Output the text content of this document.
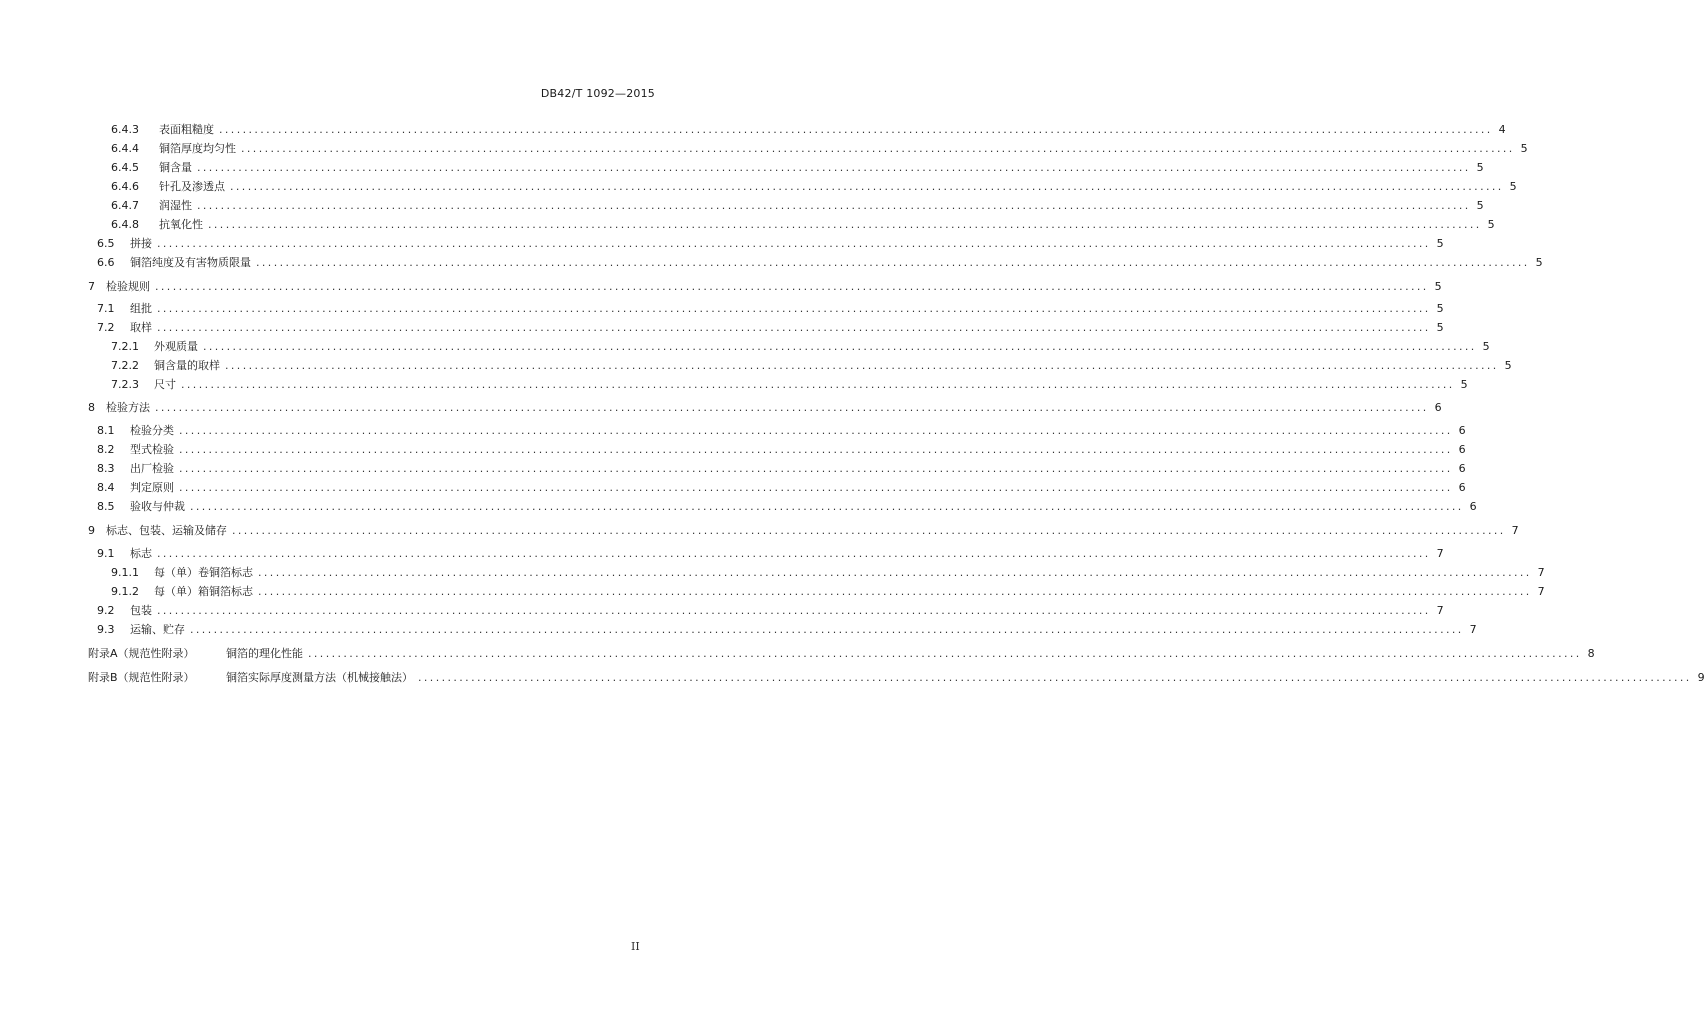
DB42/T 1092—2015
6.4.3	表面粗糙度 .....	4
6.4.4	铜箔厚度均匀性 .....	5
6.4.5	铜含量 .....	5
6.4.6	针孔及渗透点 .....	5
6.4.7	润湿性 .....	5
6.4.8	抗氧化性 .....	5
6.5	拼接 .....	5
6.6	铜箔纯度及有害物质限量 .....	5
7	检验规则 .....	5
7.1	组批 .....	5
7.2	取样 .....	5
7.2.1	外观质量 .....	5
7.2.2	铜含量的取样 .....	5
7.2.3	尺寸 .....	5
8	检验方法 .....	6
8.1	检验分类 .....	6
8.2	型式检验 .....	6
8.3	出厂检验 .....	6
8.4	判定原则 .....	6
8.5	验收与仲裁 .....	6
9	标志、包装、运输及储存 .....	7
9.1	标志 .....	7
9.1.1	每（单）卷铜箔标志 .....	7
9.1.2	每（单）箱铜箔标志 .....	7
9.2	包装 .....	7
9.3	运输、贮存 .....	7
附录A（规范性附录）	铜箔的理化性能 .....	8
附录B（规范性附录）	铜箔实际厚度测量方法（机械接触法） .....	9
II
